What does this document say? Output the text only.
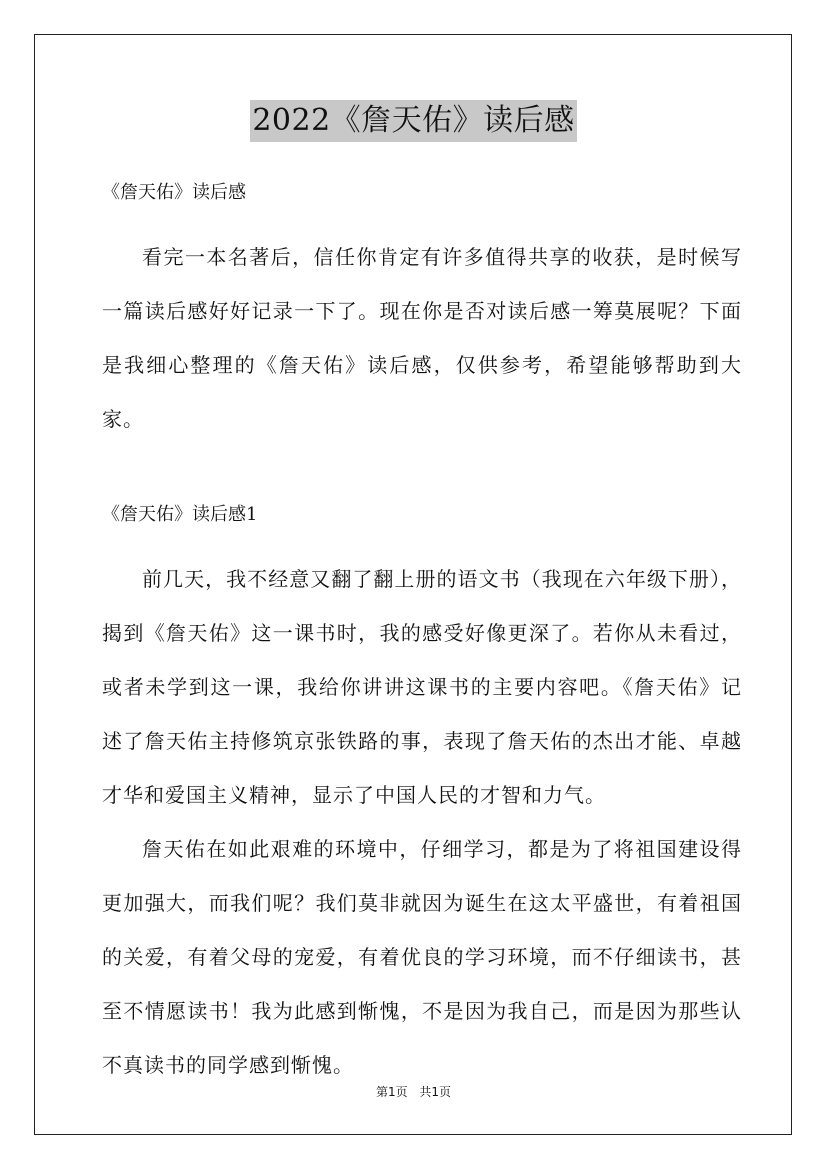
2022《詹天佑》读后感

《詹天佑》读后感

看完一本名著后，信任你肯定有许多值得共享的收获，是时候写一篇读后感好好记录一下了。现在你是否对读后感一筹莫展呢？下面是我细心整理的《詹天佑》读后感，仅供参考，希望能够帮助到大家。

《詹天佑》读后感1

前几天，我不经意又翻了翻上册的语文书（我现在六年级下册），揭到《詹天佑》这一课书时，我的感受好像更深了。若你从未看过，或者未学到这一课，我给你讲讲这课书的主要内容吧。《詹天佑》记述了詹天佑主持修筑京张铁路的事，表现了詹天佑的杰出才能、卓越才华和爱国主义精神，显示了中国人民的才智和力气。

詹天佑在如此艰难的环境中，仔细学习，都是为了将祖国建设得更加强大，而我们呢？我们莫非就因为诞生在这太平盛世，有着祖国的关爱，有着父母的宠爱，有着优良的学习环境，而不仔细读书，甚至不情愿读书！我为此感到惭愧，不是因为我自己，而是因为那些认不真读书的同学感到惭愧。

第1页 共1页
